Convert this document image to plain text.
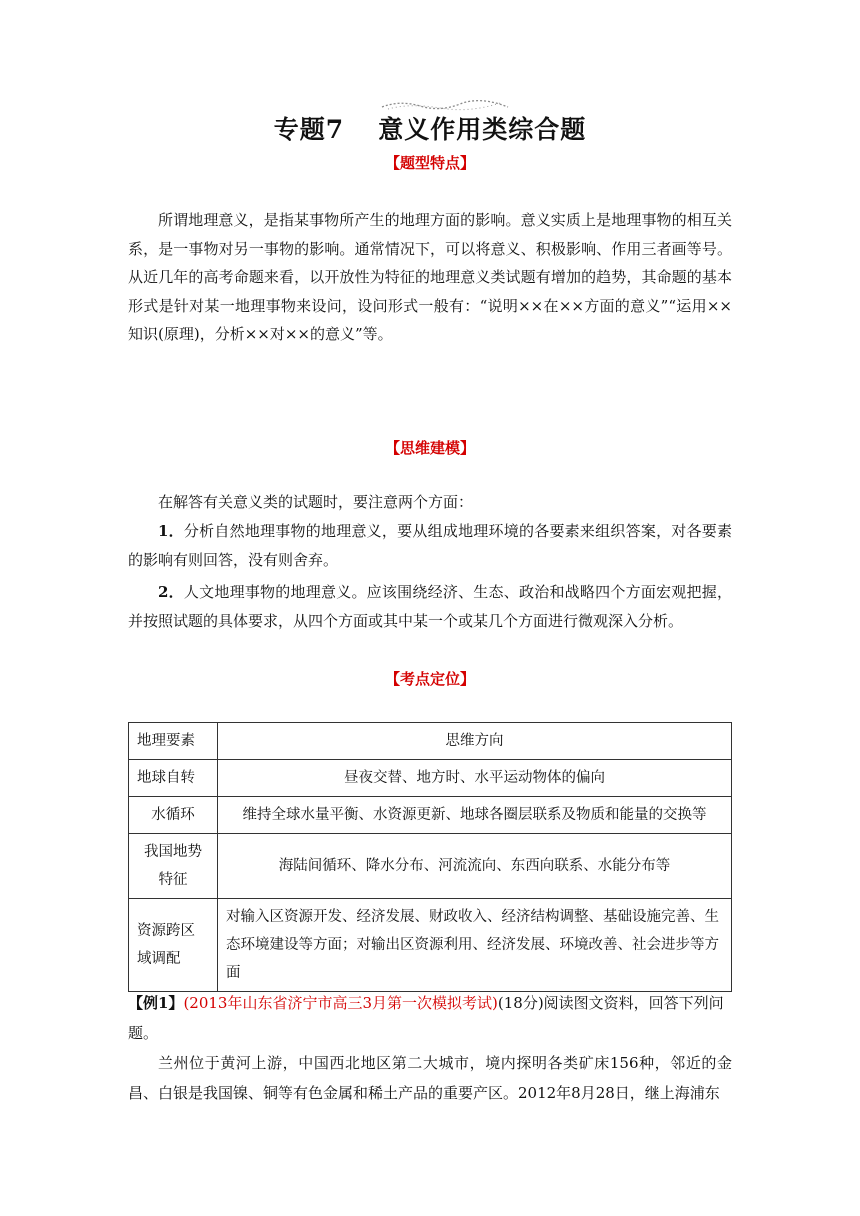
专题7 意义作用类综合题
【题型特点】
所谓地理意义，是指某事物所产生的地理方面的影响。意义实质上是地理事物的相互关系，是一事物对另一事物的影响。通常情况下，可以将意义、积极影响、作用三者画等号。从近几年的高考命题来看，以开放性为特征的地理意义类试题有增加的趋势，其命题的基本形式是针对某一地理事物来设问，设问形式一般有：“说明××在××方面的意义”“运用××知识(原理)，分析××对××的意义”等。
【思维建模】
在解答有关意义类的试题时，要注意两个方面：
1．分析自然地理事物的地理意义，要从组成地理环境的各要素来组织答案，对各要素的影响有则回答，没有则舍弃。
2．人文地理事物的地理意义。应该围绕经济、生态、政治和战略四个方面宏观把握，并按照试题的具体要求，从四个方面或其中某一个或某几个方面进行微观深入分析。
【考点定位】
地理要素	思维方向
地球自转	昼夜交替、地方时、水平运动物体的偏向
水循环	维持全球水量平衡、水资源更新、地球各圈层联系及物质和能量的交换等
我国地势特征	海陆间循环、降水分布、河流流向、东西向联系、水能分布等
资源跨区域调配	对输入区资源开发、经济发展、财政收入、经济结构调整、基础设施完善、生态环境建设等方面；对输出区资源利用、经济发展、环境改善、社会进步等方面
【例1】(2013年山东省济宁市高三3月第一次模拟考试)(18分)阅读图文资料，回答下列问题。
兰州位于黄河上游，中国西北地区第二大城市，境内探明各类矿床156种，邻近的金昌、白银是我国镍、铜等有色金属和稀土产品的重要产区。2012年8月28日，继上海浦东
